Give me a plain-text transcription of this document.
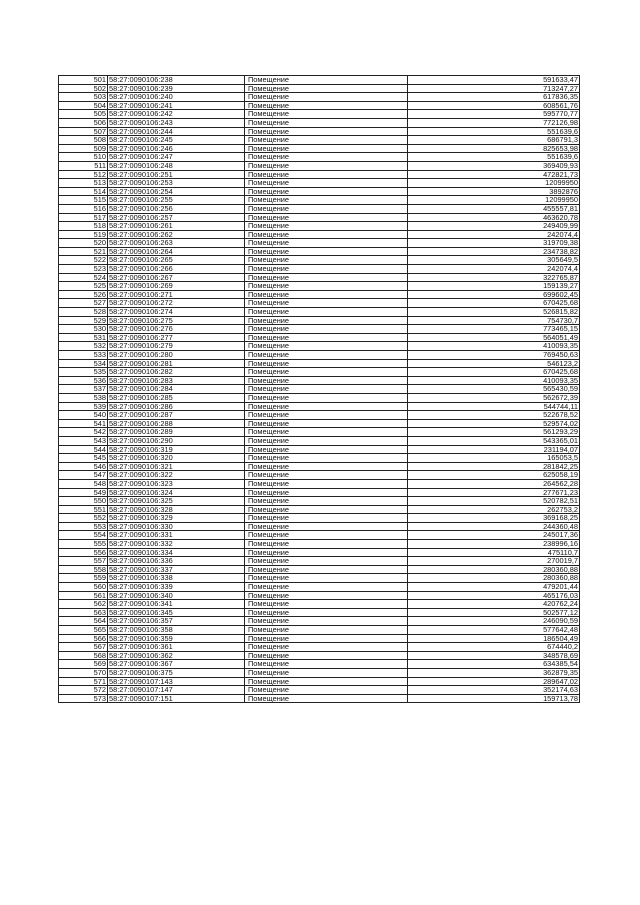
501	58:27:0090106:238	Помещение	591633,47
502	58:27:0090106:239	Помещение	713247,27
503	58:27:0090106:240	Помещение	617836,35
504	58:27:0090106:241	Помещение	608561,76
505	58:27:0090106:242	Помещение	595770,77
506	58:27:0090106:243	Помещение	772126,98
507	58:27:0090106:244	Помещение	551639,6
508	58:27:0090106:245	Помещение	686791,3
509	58:27:0090106:246	Помещение	825653,98
510	58:27:0090106:247	Помещение	551639,6
511	58:27:0090106:248	Помещение	369409,93
512	58:27:0090106:251	Помещение	472821,73
513	58:27:0090106:253	Помещение	12099950
514	58:27:0090106:254	Помещение	3892876
515	58:27:0090106:255	Помещение	12099950
516	58:27:0090106:256	Помещение	455557,81
517	58:27:0090106:257	Помещение	463620,78
518	58:27:0090106:261	Помещение	249409,99
519	58:27:0090106:262	Помещение	242074,4
520	58:27:0090106:263	Помещение	319709,38
521	58:27:0090106:264	Помещение	234738,82
522	58:27:0090106:265	Помещение	305649,5
523	58:27:0090106:266	Помещение	242074,4
524	58:27:0090106:267	Помещение	322765,87
525	58:27:0090106:269	Помещение	159139,27
526	58:27:0090106:271	Помещение	699602,45
527	58:27:0090106:272	Помещение	670425,68
528	58:27:0090106:274	Помещение	526815,82
529	58:27:0090106:275	Помещение	754730,7
530	58:27:0090106:276	Помещение	773465,15
531	58:27:0090106:277	Помещение	564051,49
532	58:27:0090106:279	Помещение	410093,35
533	58:27:0090106:280	Помещение	769450,63
534	58:27:0090106:281	Помещение	546123,2
535	58:27:0090106:282	Помещение	670425,68
536	58:27:0090106:283	Помещение	410093,35
537	58:27:0090106:284	Помещение	565430,59
538	58:27:0090106:285	Помещение	562672,39
539	58:27:0090106:286	Помещение	544744,11
540	58:27:0090106:287	Помещение	522678,52
541	58:27:0090106:288	Помещение	529574,02
542	58:27:0090106:289	Помещение	561293,29
543	58:27:0090106:290	Помещение	543365,01
544	58:27:0090106:319	Помещение	231194,07
545	58:27:0090106:320	Помещение	165053,5
546	58:27:0090106:321	Помещение	281842,25
547	58:27:0090106:322	Помещение	625058,19
548	58:27:0090106:323	Помещение	264562,28
549	58:27:0090106:324	Помещение	277671,23
550	58:27:0090106:325	Помещение	520782,51
551	58:27:0090106:328	Помещение	262753,2
552	58:27:0090106:329	Помещение	369168,25
553	58:27:0090106:330	Помещение	244360,48
554	58:27:0090106:331	Помещение	245017,36
555	58:27:0090106:332	Помещение	238996,16
556	58:27:0090106:334	Помещение	475110,7
557	58:27:0090106:336	Помещение	270019,7
558	58:27:0090106:337	Помещение	280360,88
559	58:27:0090106:338	Помещение	280360,88
560	58:27:0090106:339	Помещение	479201,44
561	58:27:0090106:340	Помещение	465176,03
562	58:27:0090106:341	Помещение	420762,24
563	58:27:0090106:345	Помещение	502577,12
564	58:27:0090106:357	Помещение	246090,59
565	58:27:0090106:358	Помещение	577642,48
566	58:27:0090106:359	Помещение	186504,49
567	58:27:0090106:361	Помещение	674440,2
568	58:27:0090106:362	Помещение	348578,69
569	58:27:0090106:367	Помещение	634385,54
570	58:27:0090106:375	Помещение	362879,35
571	58:27:0090107:143	Помещение	289647,02
572	58:27:0090107:147	Помещение	352174,63
573	58:27:0090107:151	Помещение	159713,78
